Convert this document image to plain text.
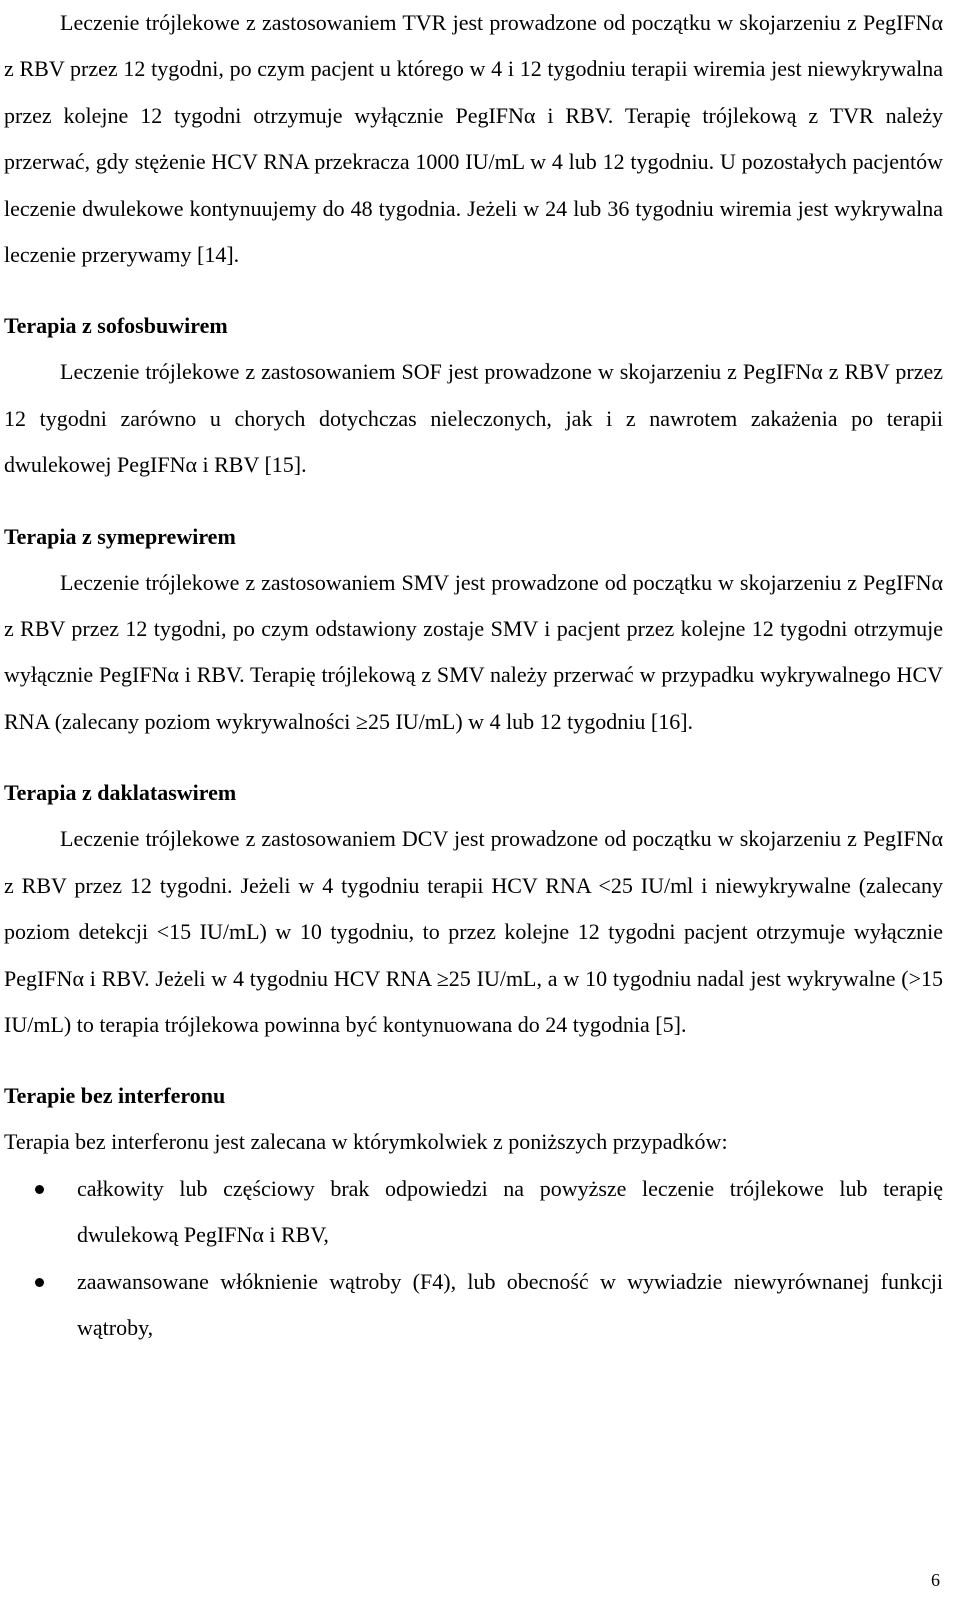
Leczenie trójlekowe z zastosowaniem TVR jest prowadzone od początku w skojarzeniu z PegIFNα z RBV przez 12 tygodni, po czym pacjent u którego w 4 i 12 tygodniu terapii wiremia jest niewykrywalna przez kolejne 12 tygodni otrzymuje wyłącznie PegIFNα i RBV. Terapię trójlekową z TVR należy przerwać, gdy stężenie HCV RNA przekracza 1000 IU/mL w 4 lub 12 tygodniu. U pozostałych pacjentów leczenie dwulekowe kontynuujemy do 48 tygodnia. Jeżeli w 24 lub 36 tygodniu wiremia jest wykrywalna leczenie przerywamy [14].

Terapia z sofosbuwirem

Leczenie trójlekowe z zastosowaniem SOF jest prowadzone w skojarzeniu z PegIFNα z RBV przez 12 tygodni zarówno u chorych dotychczas nieleczonych, jak i z nawrotem zakażenia po terapii dwulekowej PegIFNα i RBV [15].

Terapia z symeprewirem

Leczenie trójlekowe z zastosowaniem SMV jest prowadzone od początku w skojarzeniu z PegIFNα z RBV przez 12 tygodni, po czym odstawiony zostaje SMV i pacjent przez kolejne 12 tygodni otrzymuje wyłącznie PegIFNα i RBV. Terapię trójlekową z SMV należy przerwać w przypadku wykrywalnego HCV RNA (zalecany poziom wykrywalności ≥25 IU/mL) w 4 lub 12 tygodniu [16].

Terapia z daklataswirem

Leczenie trójlekowe z zastosowaniem DCV jest prowadzone od początku w skojarzeniu z PegIFNα z RBV przez 12 tygodni. Jeżeli w 4 tygodniu terapii HCV RNA <25 IU/ml i niewykrywalne (zalecany poziom detekcji <15 IU/mL) w 10 tygodniu, to przez kolejne 12 tygodni pacjent otrzymuje wyłącznie PegIFNα i RBV. Jeżeli w 4 tygodniu HCV RNA ≥25 IU/mL, a w 10 tygodniu nadal jest wykrywalne (>15 IU/mL) to terapia trójlekowa powinna być kontynuowana do 24 tygodnia [5].

Terapie bez interferonu

Terapia bez interferonu jest zalecana w którymkolwiek z poniższych przypadków:

całkowity lub częściowy brak odpowiedzi na powyższe leczenie trójlekowe lub terapię dwulekową PegIFNα i RBV,
zaawansowane włóknienie wątroby (F4), lub obecność w wywiadzie niewyrównanej funkcji wątroby,
6
